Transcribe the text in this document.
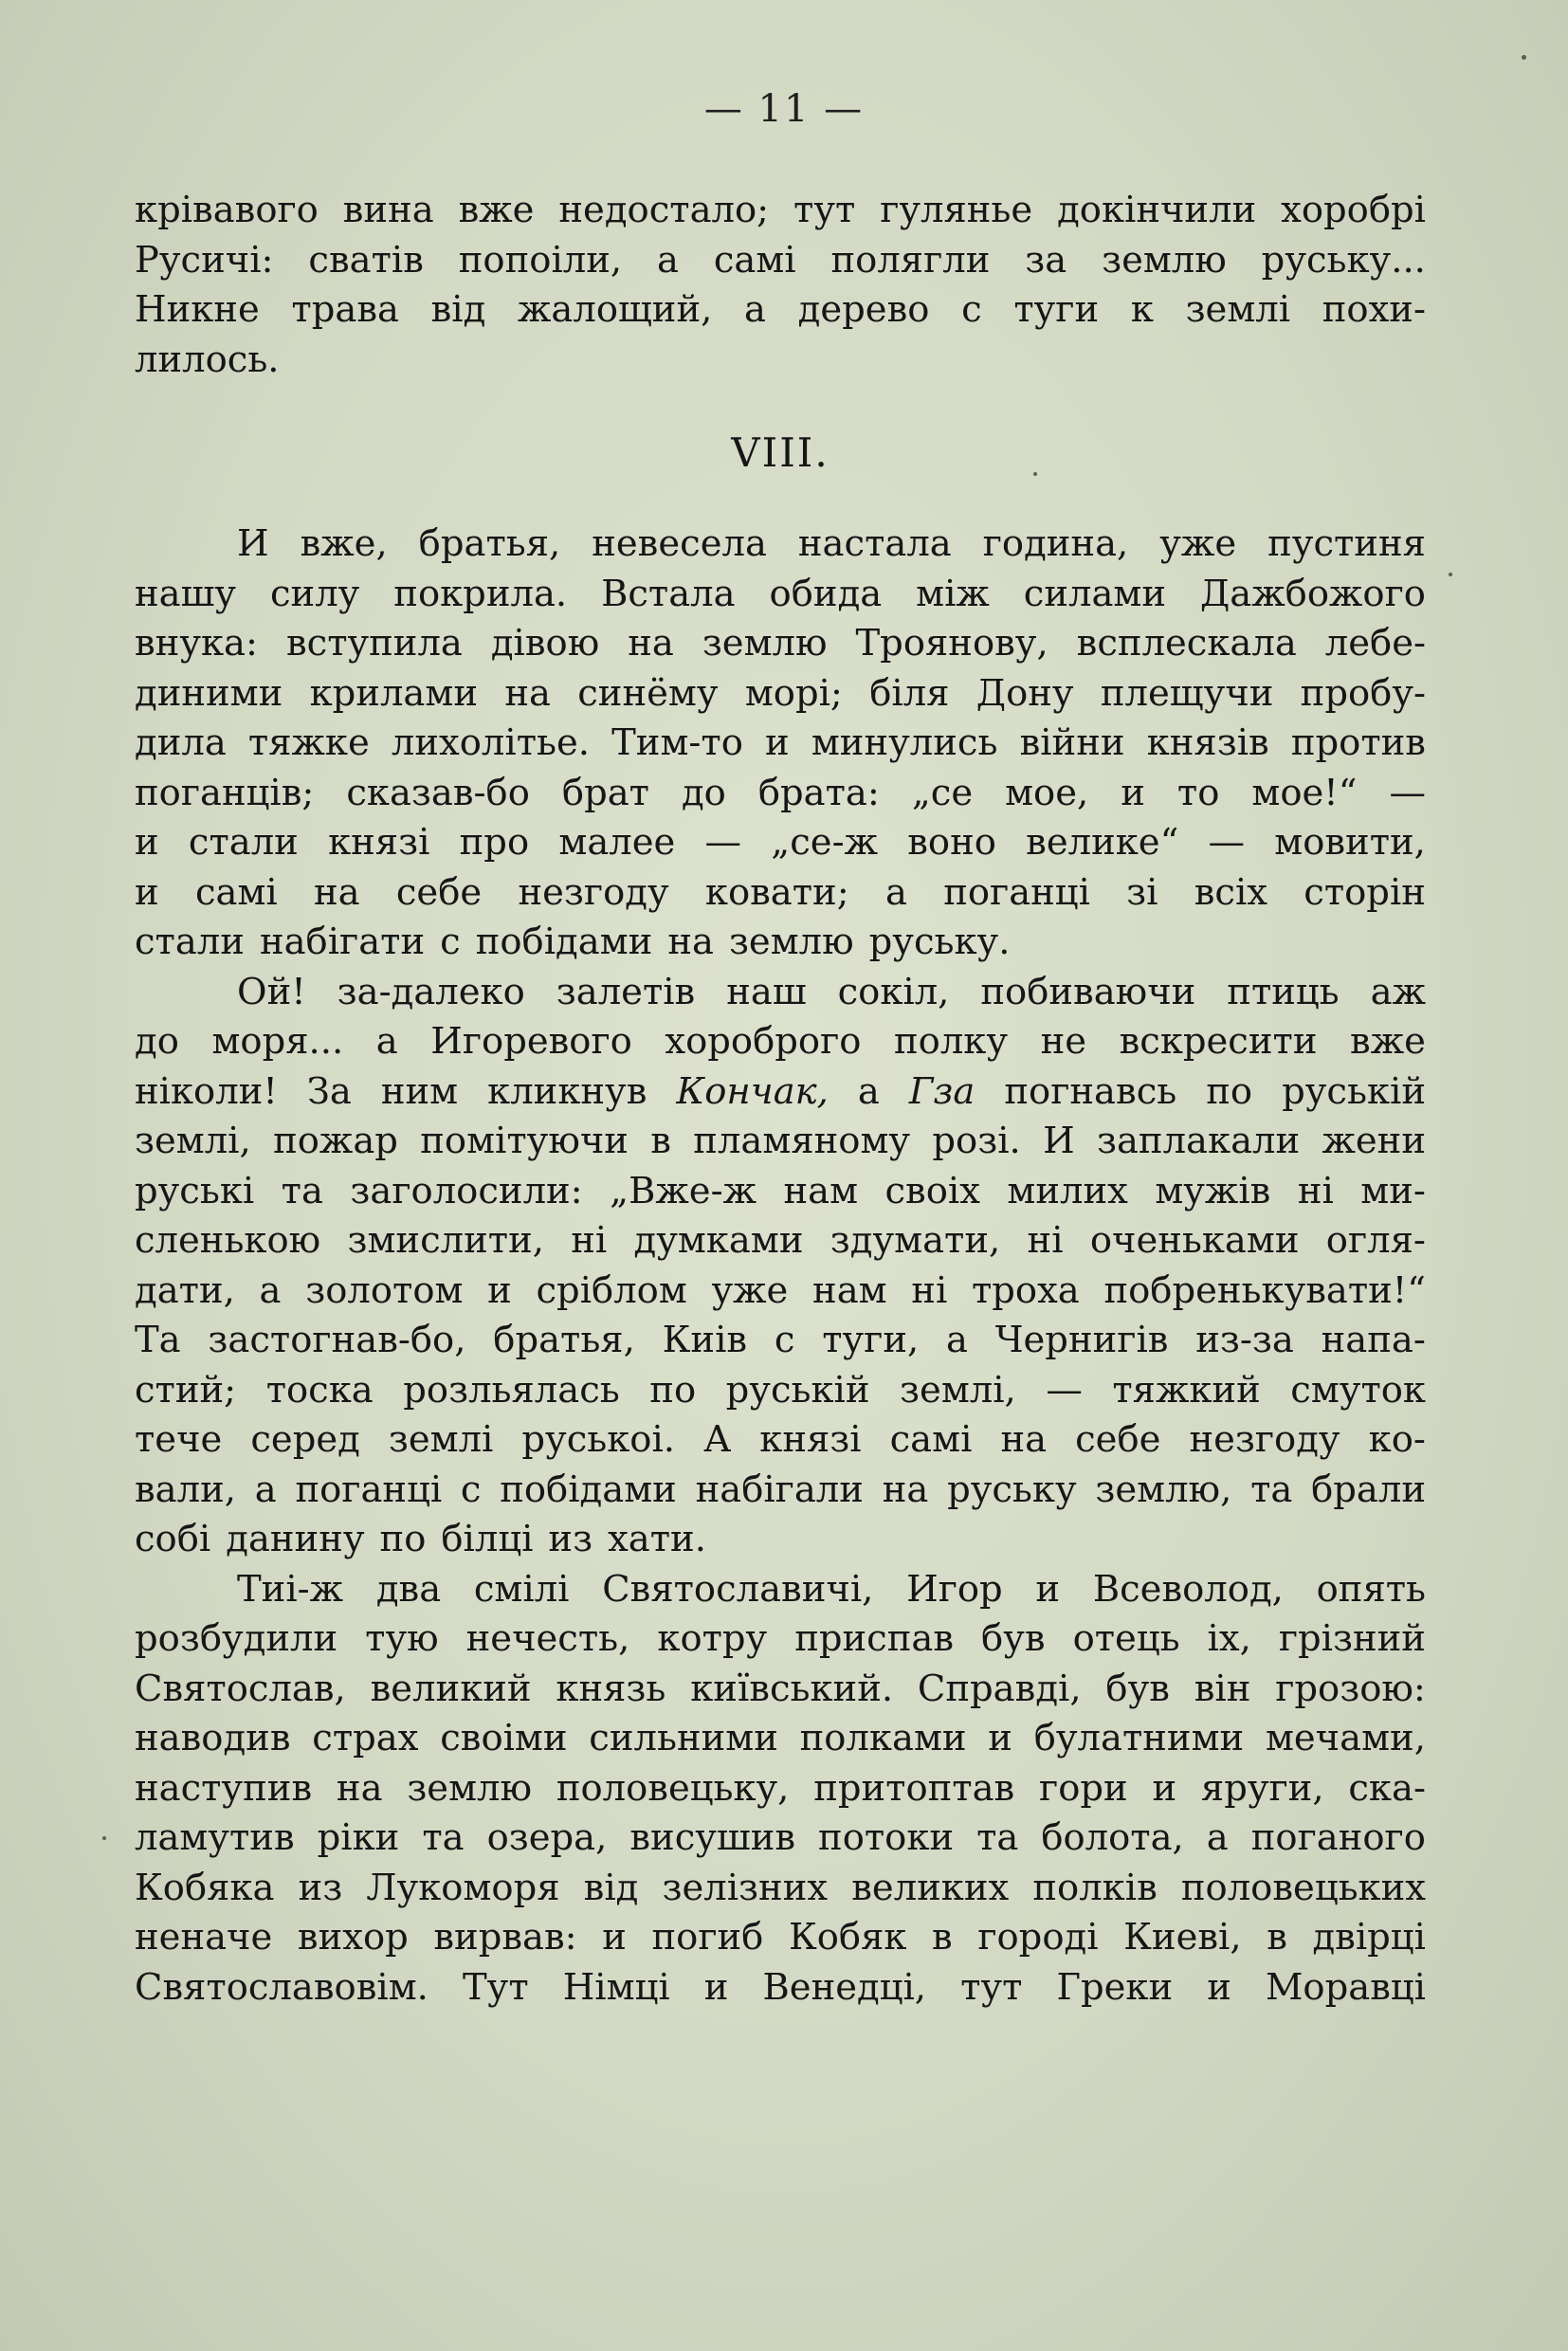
— 11 —
крівавого вина вже недостало; тут гулянье докінчили хоробрі
Русичі: сватів попоіли, а самі полягли за землю руську...
Никне трава від жалощий, а дерево с туги к землі похи-
лилось.
VIII.
И вже, братья, невесела настала година, уже пустиня
нашу силу покрила. Встала обида між силами Дажбожого
внука: вступила дівою на землю Троянову, всплескала лебе-
диними крилами на синёму морі; біля Дону плещучи пробу-
дила тяжке лихолітье. Тим-то и минулись війни князів против
поганців; сказав-бо брат до брата: „се мое, и то мое!“ —
и стали князі про малее — „се-ж воно велике“ — мовити,
и самі на себе незгоду ковати; а поганці зі всіх сторін
стали набігати с побідами на землю руську.
Ой! за-далеко залетів наш сокіл, побиваючи птиць аж
до моря... а Игоревого хороброго полку не вскресити вже
ніколи! За ним кликнув Кончак, а Гза погнавсь по руській
землі, пожар помітуючи в пламяному розі. И заплакали жени
руські та заголосили: „Вже-ж нам своіх милих мужів ні ми-
сленькою змислити, ні думками здумати, ні оченьками огля-
дати, а золотом и сріблом уже нам ні троха побренькувати!“
Та застогнав-бо, братья, Киів с туги, а Чернигів из-за напа-
стий; тоска розльялась по руській землі, — тяжкий смуток
тече серед землі руськоі. А князі самі на себе незгоду ко-
вали, а поганці с побідами набігали на руську землю, та брали
собі данину по білці из хати.
Тиі-ж два смілі Святославичі, Игор и Всеволод, опять
розбудили тую нечесть, котру приспав був отець іх, грізний
Святослав, великий князь київський. Справді, був він грозою:
наводив страх своіми сильними полками и булатними мечами,
наступив на землю половецьку, притоптав гори и яруги, ска-
ламутив ріки та озера, висушив потоки та болота, а поганого
Кобяка из Лукоморя від зелізних великих полків половецьких
неначе вихор вирвав: и погиб Кобяк в городі Киеві, в двірці
Святославовім. Тут Німці и Венедці, тут Греки и Моравці
